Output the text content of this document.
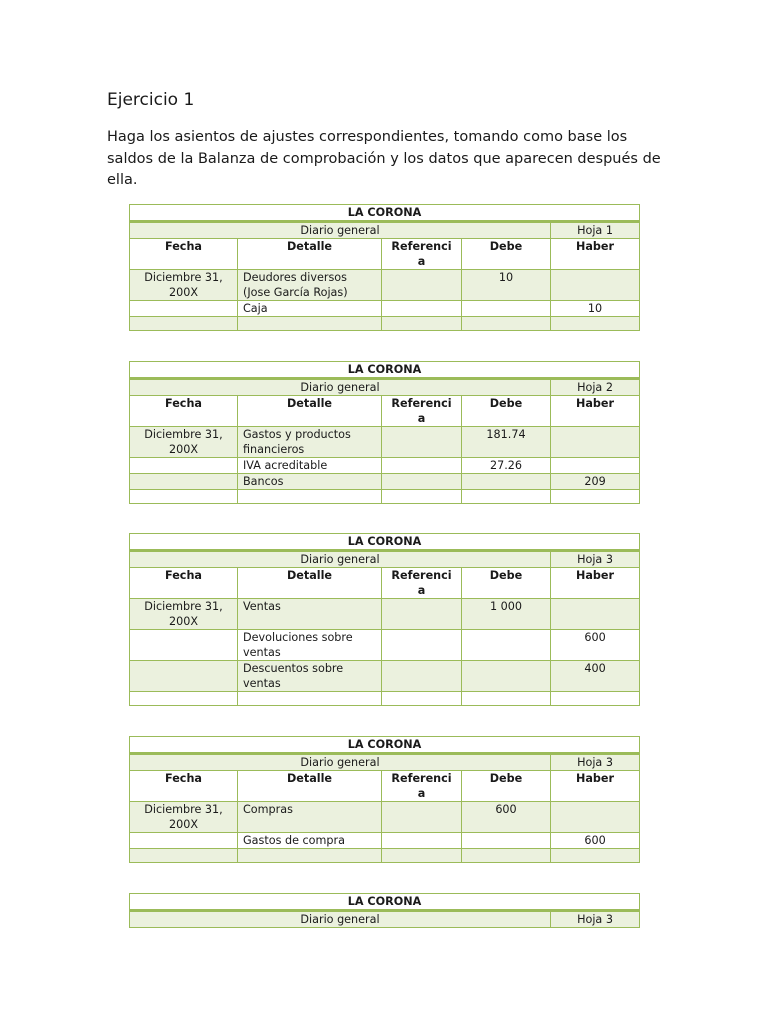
Ejercicio 1

Haga los asientos de ajustes correspondientes, tomando como base los saldos de la Balanza de comprobación y los datos que aparecen después de ella.

LA CORONA				
Diario general				Hoja 1
Fecha	Detalle	Referenci a	Debe	Haber
Diciembre 31, 200X	Deudores diversos (Jose García Rojas)		10	
	Caja			10

LA CORONA				
Diario general				Hoja 2
Fecha	Detalle	Referenci a	Debe	Haber
Diciembre 31, 200X	Gastos y productos financieros		181.74	
	IVA acreditable		27.26	
	Bancos			209

LA CORONA				
Diario general				Hoja 3
Fecha	Detalle	Referenci a	Debe	Haber
Diciembre 31, 200X	Ventas		1 000	
	Devoluciones sobre ventas			600
	Descuentos sobre ventas			400

LA CORONA				
Diario general				Hoja 3
Fecha	Detalle	Referenci a	Debe	Haber
Diciembre 31, 200X	Compras		600	
	Gastos de compra			600

LA CORONA
Diario general	Hoja 3
